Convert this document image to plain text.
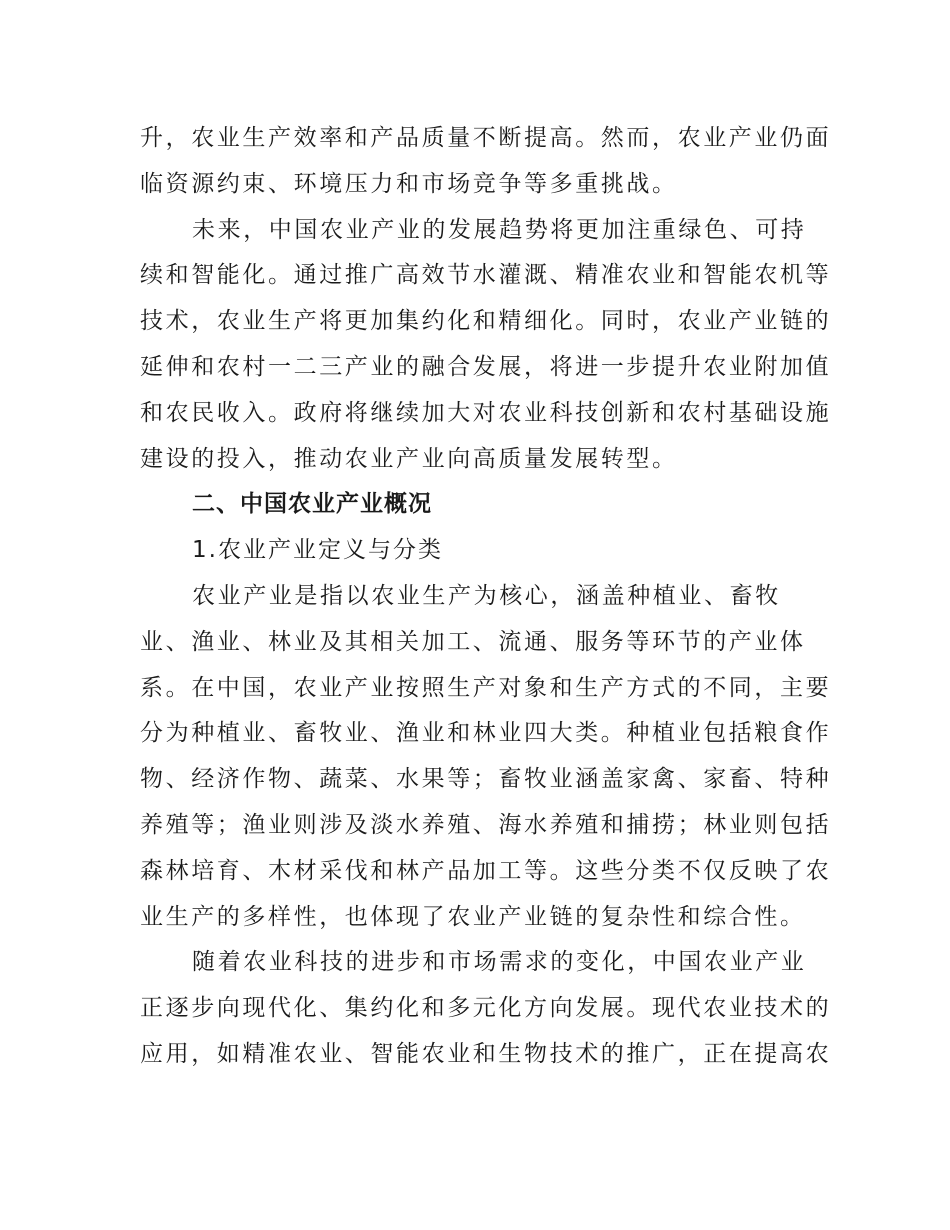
升，农业生产效率和产品质量不断提高。然而，农业产业仍面
临资源约束、环境压力和市场竞争等多重挑战。

未来，中国农业产业的发展趋势将更加注重绿色、可持
续和智能化。通过推广高效节水灌溉、精准农业和智能农机等
技术，农业生产将更加集约化和精细化。同时，农业产业链的
延伸和农村一二三产业的融合发展，将进一步提升农业附加值
和农民收入。政府将继续加大对农业科技创新和农村基础设施
建设的投入，推动农业产业向高质量发展转型。

二、中国农业产业概况

1.农业产业定义与分类

农业产业是指以农业生产为核心，涵盖种植业、畜牧
业、渔业、林业及其相关加工、流通、服务等环节的产业体
系。在中国，农业产业按照生产对象和生产方式的不同，主要
分为种植业、畜牧业、渔业和林业四大类。种植业包括粮食作
物、经济作物、蔬菜、水果等；畜牧业涵盖家禽、家畜、特种
养殖等；渔业则涉及淡水养殖、海水养殖和捕捞；林业则包括
森林培育、木材采伐和林产品加工等。这些分类不仅反映了农
业生产的多样性，也体现了农业产业链的复杂性和综合性。

随着农业科技的进步和市场需求的变化，中国农业产业
正逐步向现代化、集约化和多元化方向发展。现代农业技术的
应用，如精准农业、智能农业和生物技术的推广，正在提高农
